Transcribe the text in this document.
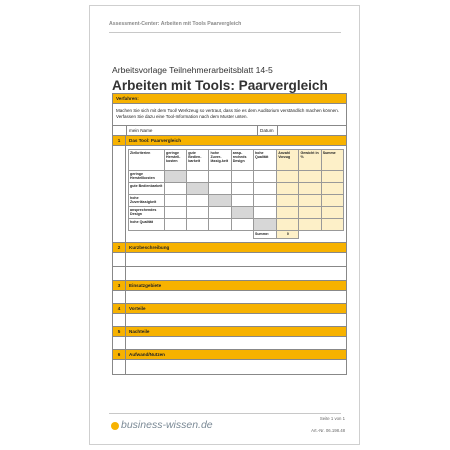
Assessment-Center: Arbeiten mit Tools Paarvergleich
Arbeitsvorlage Teilnehmerarbeitsblatt 14-5
Arbeiten mit Tools: Paarvergleich
Verfahren:
Machen Sie sich mit dem Tool/ Werkzeug so vertraut, dass Sie es dem Auditorium verständlich machen können. Verfassen Sie dazu eine Tool-Information nach dem Muster unten.
mein Name	Datum
1	Das Tool: Paarvergleich
Zielkriterien	geringe Herstell-kosten	gute Bedien-barkeit	hohe Zuver-lässig-keit	ansp-recheds Design	hohe Qualität	Anzahl Vorzug	Gewicht in %	Summe
geringe Herstellkosten								
gute Bedienbarkeit								
hohe Zuverlässigkeit								
ansprechendes Design								
hohe Qualität								
					Summe:	0		
2	Kurzbeschreibung
3	Einsatzgebiete
4	Vorteile
5	Nachteile
6	Aufwand/Nutzen
business-wissen.de
Seite 1 von 1
Art.-Nr. 06.198.48
